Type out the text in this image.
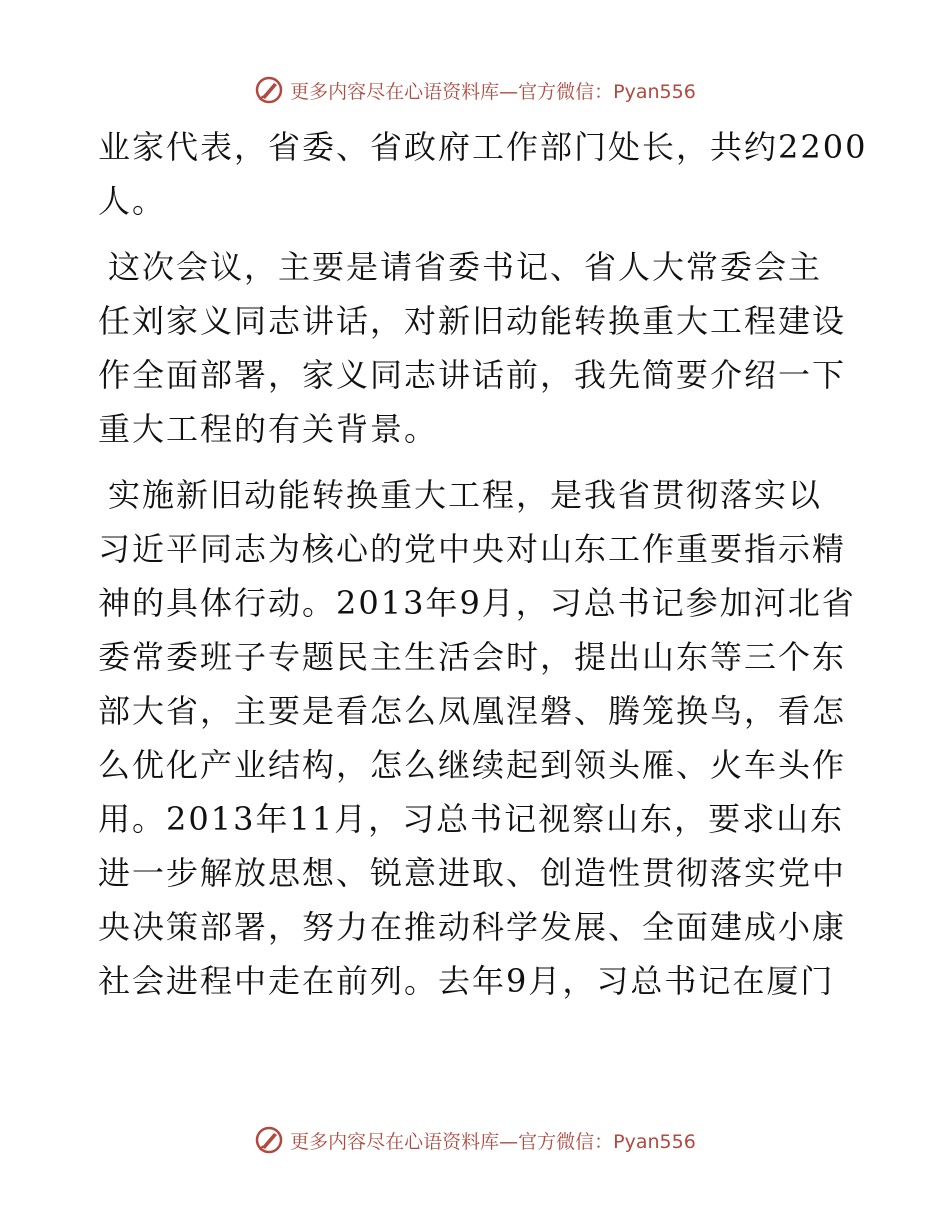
更多内容尽在心语资料库—官方微信：Pyan556
业家代表，省委、省政府工作部门处长，共约2200
人。
这次会议，主要是请省委书记、省人大常委会主
任刘家义同志讲话，对新旧动能转换重大工程建设
作全面部署，家义同志讲话前，我先简要介绍一下
重大工程的有关背景。
实施新旧动能转换重大工程，是我省贯彻落实以
习近平同志为核心的党中央对山东工作重要指示精
神的具体行动。2013年9月，习总书记参加河北省
委常委班子专题民主生活会时，提出山东等三个东
部大省，主要是看怎么凤凰涅磐、腾笼换鸟，看怎
么优化产业结构，怎么继续起到领头雁、火车头作
用。2013年11月，习总书记视察山东，要求山东
进一步解放思想、锐意进取、创造性贯彻落实党中
央决策部署，努力在推动科学发展、全面建成小康
社会进程中走在前列。去年9月，习总书记在厦门
更多内容尽在心语资料库—官方微信：Pyan556
